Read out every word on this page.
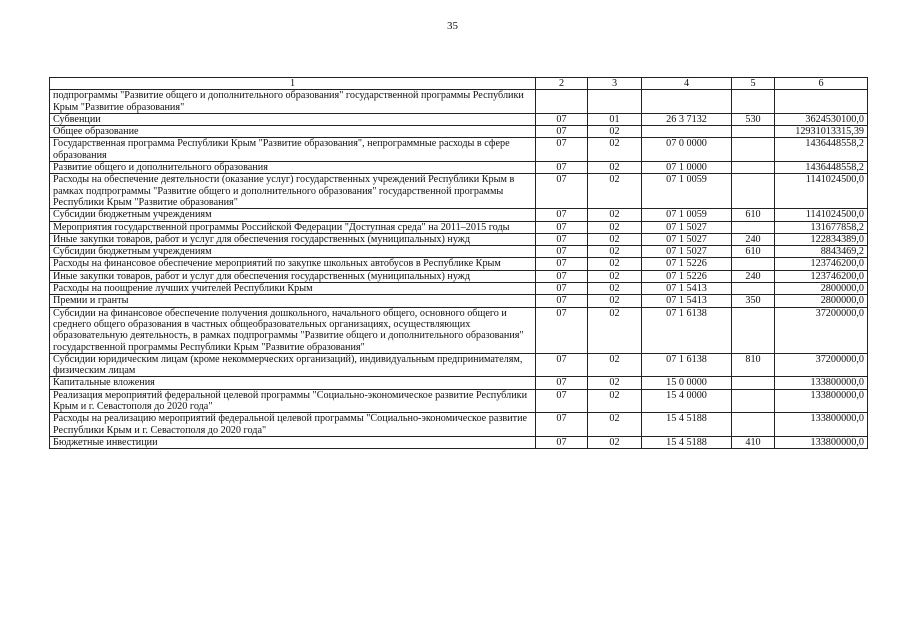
35
1	2	3	4	5	6
подпрограммы "Развитие общего и дополнительного образования" государственной программы Республики Крым "Развитие образования"					
Субвенции	07	01	26 3 7132	530	3624530100,0
Общее образование	07	02			12931013315,39
Государственная программа Республики Крым "Развитие образования", непрограммные расходы в сфере образования	07	02	07 0 0000		1436448558,2
Развитие общего и дополнительного образования	07	02	07 1 0000		1436448558,2
Расходы на обеспечение деятельности (оказание услуг) государственных учреждений Республики Крым в рамках подпрограммы "Развитие общего и дополнительного образования" государственной программы Республики Крым "Развитие образования"	07	02	07 1 0059		1141024500,0
Субсидии бюджетным учреждениям	07	02	07 1 0059	610	1141024500,0
Мероприятия государственной программы Российской Федерации "Доступная среда" на 2011–2015 годы	07	02	07 1 5027		131677858,2
Иные закупки товаров, работ и услуг для обеспечения государственных (муниципальных) нужд	07	02	07 1 5027	240	122834389,0
Субсидии бюджетным учреждениям	07	02	07 1 5027	610	8843469,2
Расходы на финансовое обеспечение мероприятий по закупке школьных автобусов в Республике Крым	07	02	07 1 5226		123746200,0
Иные закупки товаров, работ и услуг для обеспечения государственных (муниципальных) нужд	07	02	07 1 5226	240	123746200,0
Расходы на поощрение лучших учителей Республики Крым	07	02	07 1 5413		2800000,0
Премии и гранты	07	02	07 1 5413	350	2800000,0
Субсидии на финансовое обеспечение получения дошкольного, начального общего, основного общего и среднего общего образования в частных общеобразовательных организациях, осуществляющих образовательную деятельность, в рамках подпрограммы "Развитие общего и дополнительного образования" государственной программы Республики Крым "Развитие образования"	07	02	07 1 6138		37200000,0
Субсидии юридическим лицам (кроме некоммерческих организаций), индивидуальным предпринимателям, физическим лицам	07	02	07 1 6138	810	37200000,0
Капитальные вложения	07	02	15 0 0000		133800000,0
Реализация мероприятий федеральной целевой программы "Социально-экономическое развитие Республики Крым и г. Севастополя до 2020 года"	07	02	15 4 0000		133800000,0
Расходы на реализацию мероприятий федеральной целевой программы "Социально-экономическое развитие Республики Крым и г. Севастополя до 2020 года"	07	02	15 4 5188		133800000,0
Бюджетные инвестиции	07	02	15 4 5188	410	133800000,0
